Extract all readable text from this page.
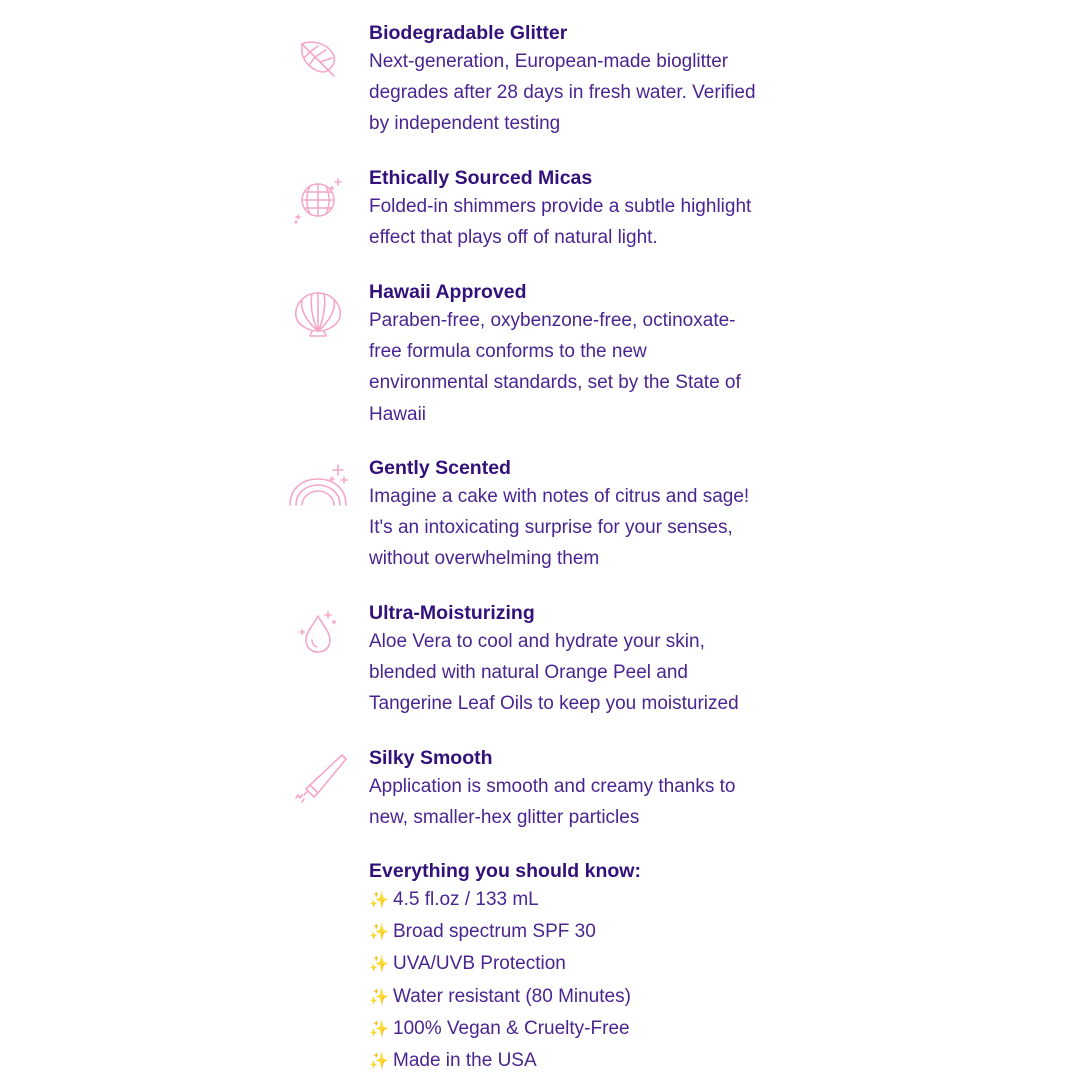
Biodegradable Glitter

Next-generation, European-made bioglitter

degrades after 28 days in fresh water. Verified

by independent testing

Ethically Sourced Micas

Folded-in shimmers provide a subtle highlight

effect that plays off of natural light.

Hawaii Approved

Paraben-free, oxybenzone-free, octinoxate-

free formula conforms to the new

environmental standards, set by the State of

Hawaii

Gently Scented

Imagine a cake with notes of citrus and sage!

It's an intoxicating surprise for your senses,

without overwhelming them

Ultra-Moisturizing

Aloe Vera to cool and hydrate your skin,

blended with natural Orange Peel and

Tangerine Leaf Oils to keep you moisturized

Silky Smooth

Application is smooth and creamy thanks to

new, smaller-hex glitter particles

Everything you should know:

✨ 4.5 fl.oz / 133 mL
✨ Broad spectrum SPF 30
✨ UVA/UVB Protection
✨ Water resistant (80 Minutes)
✨ 100% Vegan & Cruelty-Free
✨ Made in the USA
